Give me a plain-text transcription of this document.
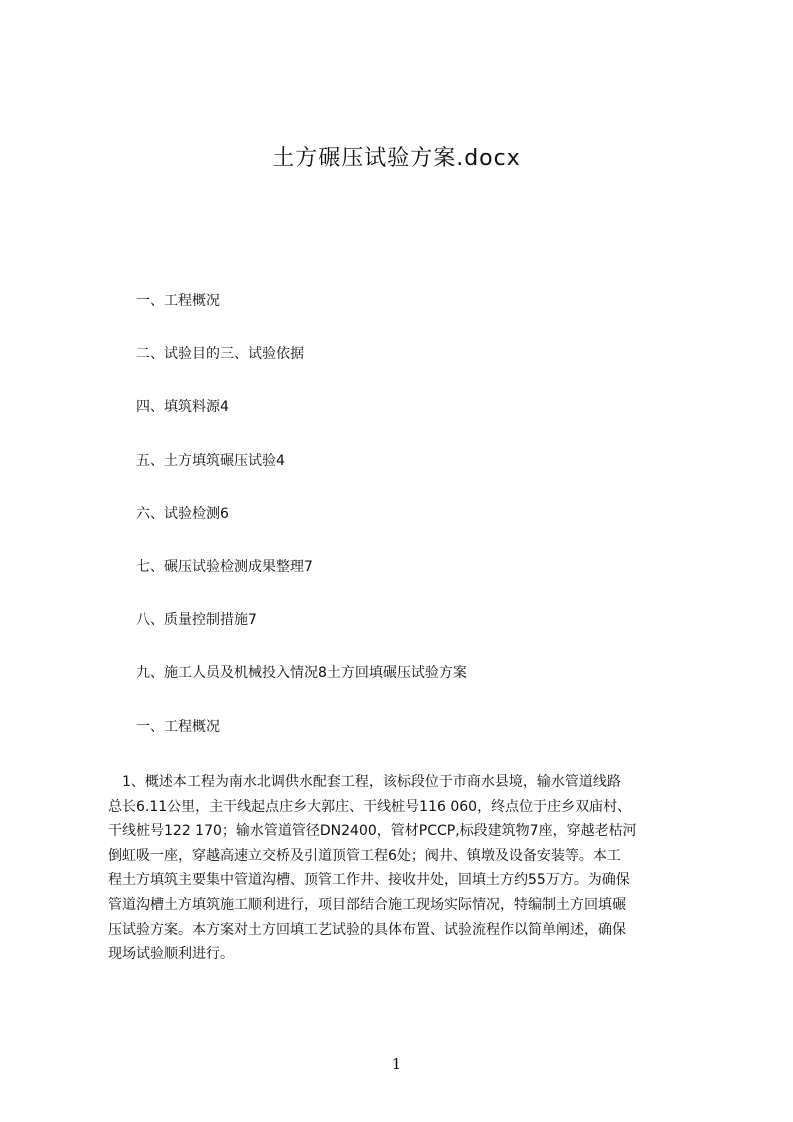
土方碾压试验方案.docx
一、工程概况
二、试验目的三、试验依据
四、填筑料源4
五、土方填筑碾压试验4
六、试验检测6
七、碾压试验检测成果整理7
八、质量控制措施7
九、施工人员及机械投入情况8土方回填碾压试验方案
一、工程概况
　1、概述本工程为南水北调供水配套工程，该标段位于市商水县境，输水管道线路
总长6.11公里，主干线起点庄乡大郭庄、干线桩号116 060，终点位于庄乡双庙村、
干线桩号122 170；输水管道管径DN2400，管材PCCP,标段建筑物7座，穿越老枯河
倒虹吸一座，穿越高速立交桥及引道顶管工程6处；阀井、镇墩及设备安装等。本工
程土方填筑主要集中管道沟槽、顶管工作井、接收井处，回填土方约55万方。为确保
管道沟槽土方填筑施工顺利进行，项目部结合施工现场实际情况，特编制土方回填碾
压试验方案。本方案对土方回填工艺试验的具体布置、试验流程作以简单阐述，确保
现场试验顺利进行。
1
